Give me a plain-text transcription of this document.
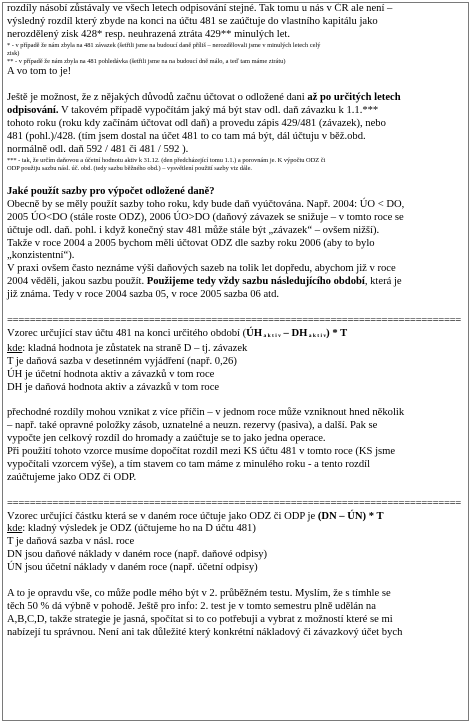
rozdíly násobí zůstávaly ve všech letech odpisování stejné. Tak tomu u nás v ČR ale není –

výsledný rozdíl který zbyde na konci na účtu 481 se zaúčtuje do vlastního kapitálu jako

nerozdělený zisk 428* resp. neuhrazená ztráta 429** minulých let.

* - v případě že nám zbyla na 481 závazek (šetřili jsme na budoucí daně příliš – nerozdělovali jsme v minulých letech celý

zisk)

** - v případě že nám zbyla na 481 pohledávka (šetřili jsme na na budoucí dně málo, a teď tam máme ztrátu)

A vo tom to je!

Ještě je možnost, že z nějakých důvodů začnu účtovat o odložené dani až po určitých letech

odpisování. V takovém případě vypočítám jaký má být stav odl. daň závazku k 1.1.***

tohoto roku (roku kdy začínám účtovat odl daň) a provedu zápis 429/481 (závazek), nebo

481 (pohl.)/428. (tím jsem dostal na účet 481 to co tam má být, dál účtuju v běž.obd.

normálně odl. daň 592 / 481 či 481 / 592 ).

*** - tak, že určím daňovou a účetní hodnotu aktiv k 31.12. (den předcházející tomu 1.1.) a porovnám je. K výpočtu ODZ či

ODP použiju sazbu násl. úč. obd. (tedy sazbu běžného obd.) – vysvětlení použití sazby viz dále.

Jaké použít sazby pro výpočet odložené daně?

Obecně by se měly použít sazby toho roku, kdy bude daň vyúčtována. Např. 2004: ÚO < DO,

2005 ÚO<DO (stále roste ODZ), 2006 ÚO>DO (daňový závazek se snižuje – v tomto roce se

účtuje odl. daň. pohl. i když konečný stav 481 může stále být „závazek“ – ovšem nižší).

Takže v roce 2004 a 2005 bychom měli účtovat ODZ dle sazby roku 2006 (aby to bylo

„konzistentní“).

V praxi ovšem často neznáme výši daňových sazeb na tolik let dopředu, abychom již v roce

2004 věděli, jakou sazbu použít. Použijeme tedy vždy sazbu následujícího období, která je

již známa. Tedy v roce 2004 sazba 05, v roce 2005 sazba 06 atd.

================================================================================

Vzorec určující stav účtu 481 na konci určitého období (ÚH $_{a k t i v}$ – DH $_{a k t i v}$) * T

kde: kladná hodnota je zůstatek na straně D – tj. závazek

T je daňová sazba v desetinném vyjádření (např. 0,26)

ÚH je účetní hodnota aktiv a závazků v tom roce

DH je daňová hodnota aktiv a závazků v tom roce

přechodné rozdíly mohou vznikat z více příčin – v jednom roce může vzniknout hned několik

– např. také opravné položky zásob, uznatelné a neuzn. rezervy (pasiva), a další. Pak se

vypočte jen celkový rozdíl do hromady a zaúčtuje se to jako jedna operace.

Při použití tohoto vzorce musíme dopočítat rozdíl mezi KS účtu 481 v tomto roce (KS jsme

vypočítali vzorcem výše), a tím stavem co tam máme z minulého roku - a tento rozdíl

zaúčtujeme jako ODZ či ODP.

================================================================================

Vzorec určující částku která se v daném roce účtuje jako ODZ či ODP je (DN – ÚN) * T

kde: kladný výsledek je ODZ (účtujeme ho na D účtu 481)

T je daňová sazba v násl. roce

DN jsou daňové náklady v daném roce (např. daňové odpisy)

ÚN jsou účetní náklady v daném roce (např. účetní odpisy)

A to je opravdu vše, co může podle mého být v 2. průběžném testu. Myslím, že s tímhle se

těch 50 % dá výbně v pohodě. Ještě pro info: 2. test je v tomto semestru plně udělán na

A,B,C,D, takže strategie je jasná, spočítat si to co potřebuji a vybrat z možností které se mi

nabízejí tu správnou. Není ani tak důležité který konkrétní nákladový či závazkový účet bych
